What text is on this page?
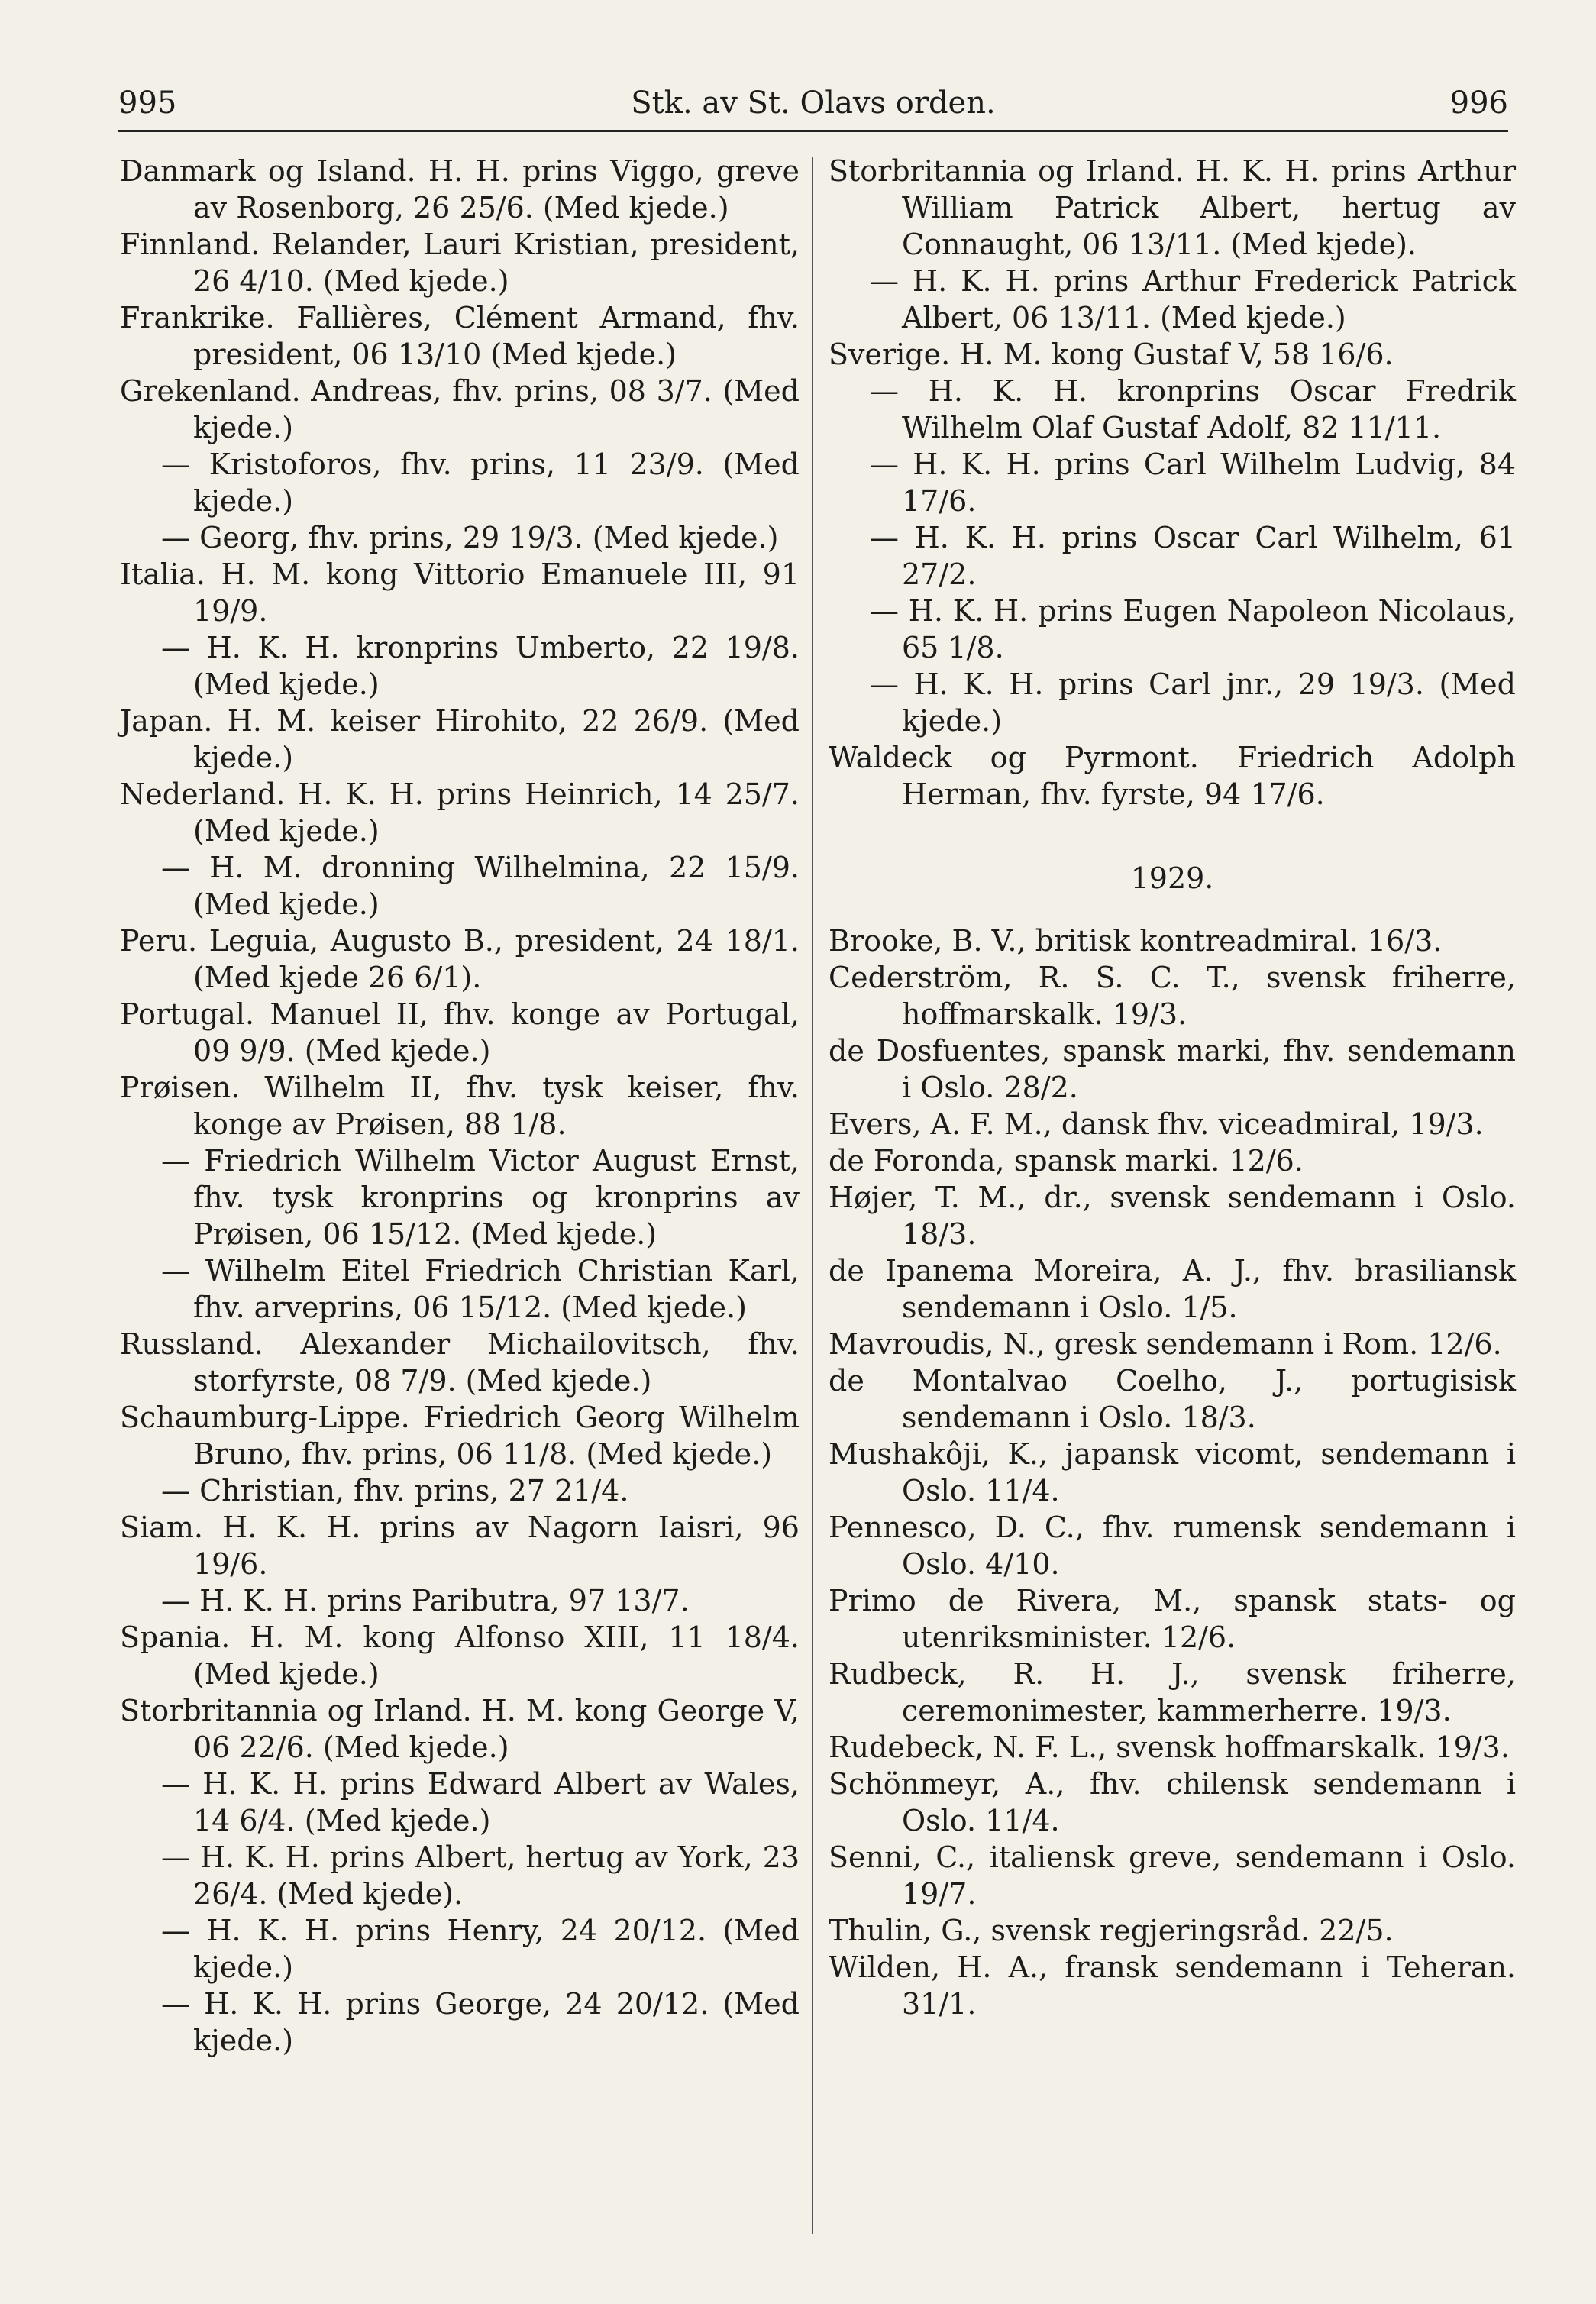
995	Stk. av St. Olavs orden.	996

Danmark og Island. H. H. prins Viggo, greve av Rosenborg, 26 25/6. (Med kjede.)

Finnland. Relander, Lauri Kristian, president, 26 4/10. (Med kjede.)

Frankrike. Fallières, Clément Armand, fhv. president, 06 13/10 (Med kjede.)

Grekenland. Andreas, fhv. prins, 08 3/7. (Med kjede.)

— Kristoforos, fhv. prins, 11 23/9. (Med kjede.)

— Georg, fhv. prins, 29 19/3. (Med kjede.)

Italia. H. M. kong Vittorio Emanuele III, 91 19/9.

— H. K. H. kronprins Umberto, 22 19/8. (Med kjede.)

Japan. H. M. keiser Hirohito, 22 26/9. (Med kjede.)

Nederland. H. K. H. prins Heinrich, 14 25/7. (Med kjede.)

— H. M. dronning Wilhelmina, 22 15/9. (Med kjede.)

Peru. Leguia, Augusto B., president, 24 18/1. (Med kjede 26 6/1).

Portugal. Manuel II, fhv. konge av Portugal, 09 9/9. (Med kjede.)

Prøisen. Wilhelm II, fhv. tysk keiser, fhv. konge av Prøisen, 88 1/8.

— Friedrich Wilhelm Victor August Ernst, fhv. tysk kronprins og kronprins av Prøisen, 06 15/12. (Med kjede.)

— Wilhelm Eitel Friedrich Christian Karl, fhv. arveprins, 06 15/12. (Med kjede.)

Russland. Alexander Michailovitsch, fhv. storfyrste, 08 7/9. (Med kjede.)

Schaumburg-Lippe. Friedrich Georg Wilhelm Bruno, fhv. prins, 06 11/8. (Med kjede.)

— Christian, fhv. prins, 27 21/4.

Siam. H. K. H. prins av Nagorn Iaisri, 96 19/6.

— H. K. H. prins Paributra, 97 13/7.

Spania. H. M. kong Alfonso XIII, 11 18/4. (Med kjede.)

Storbritannia og Irland. H. M. kong George V, 06 22/6. (Med kjede.)

— H. K. H. prins Edward Albert av Wales, 14 6/4. (Med kjede.)

— H. K. H. prins Albert, hertug av York, 23 26/4. (Med kjede).

— H. K. H. prins Henry, 24 20/12. (Med kjede.)

— H. K. H. prins George, 24 20/12. (Med kjede.)

Storbritannia og Irland. H. K. H. prins Arthur William Patrick Albert, hertug av Connaught, 06 13/11. (Med kjede).

— H. K. H. prins Arthur Frederick Patrick Albert, 06 13/11. (Med kjede.)

Sverige. H. M. kong Gustaf V, 58 16/6.

— H. K. H. kronprins Oscar Fredrik Wilhelm Olaf Gustaf Adolf, 82 11/11.

— H. K. H. prins Carl Wilhelm Ludvig, 84 17/6.

— H. K. H. prins Oscar Carl Wilhelm, 61 27/2.

— H. K. H. prins Eugen Napoleon Nicolaus, 65 1/8.

— H. K. H. prins Carl jnr., 29 19/3. (Med kjede.)

Waldeck og Pyrmont. Friedrich Adolph Herman, fhv. fyrste, 94 17/6.

1929.

Brooke, B. V., britisk kontreadmiral. 16/3.

Cederström, R. S. C. T., svensk friherre, hoffmarskalk. 19/3.

de Dosfuentes, spansk marki, fhv. sendemann i Oslo. 28/2.

Evers, A. F. M., dansk fhv. viceadmiral, 19/3.

de Foronda, spansk marki. 12/6.

Højer, T. M., dr., svensk sendemann i Oslo. 18/3.

de Ipanema Moreira, A. J., fhv. brasiliansk sendemann i Oslo. 1/5.

Mavroudis, N., gresk sendemann i Rom. 12/6.

de Montalvao Coelho, J., portugisisk sendemann i Oslo. 18/3.

Mushakôji, K., japansk vicomt, sendemann i Oslo. 11/4.

Pennesco, D. C., fhv. rumensk sendemann i Oslo. 4/10.

Primo de Rivera, M., spansk stats- og utenriksminister. 12/6.

Rudbeck, R. H. J., svensk friherre, ceremonimester, kammerherre. 19/3.

Rudebeck, N. F. L., svensk hoffmarskalk. 19/3.

Schönmeyr, A., fhv. chilensk sendemann i Oslo. 11/4.

Senni, C., italiensk greve, sendemann i Oslo. 19/7.

Thulin, G., svensk regjeringsråd. 22/5.

Wilden, H. A., fransk sendemann i Teheran. 31/1.
